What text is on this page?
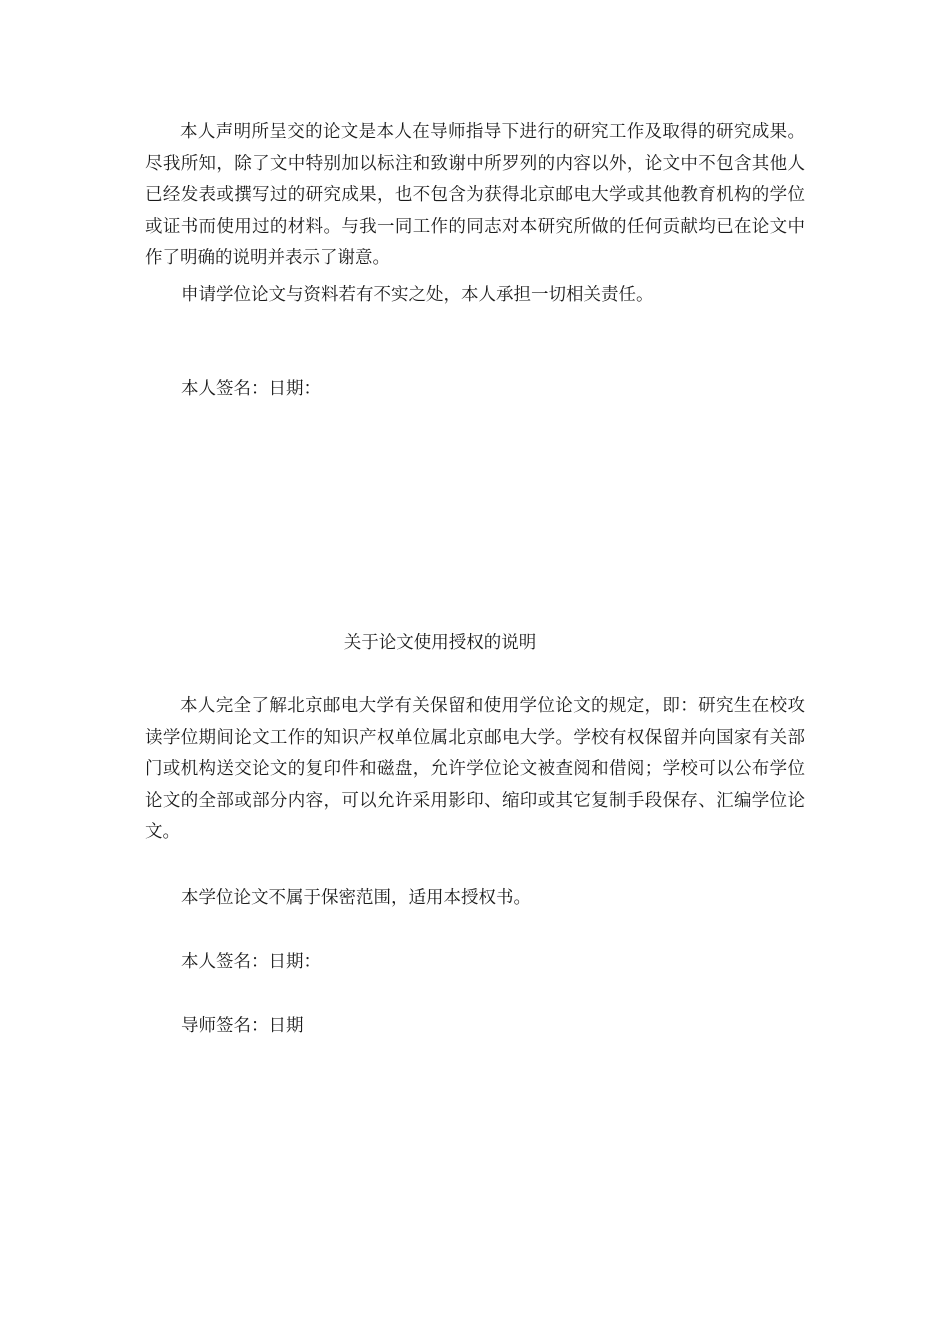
本人声明所呈交的论文是本人在导师指导下进行的研究工作及取得的研究成果。尽我所知，除了文中特别加以标注和致谢中所罗列的内容以外，论文中不包含其他人已经发表或撰写过的研究成果，也不包含为获得北京邮电大学或其他教育机构的学位或证书而使用过的材料。与我一同工作的同志对本研究所做的任何贡献均已在论文中作了明确的说明并表示了谢意。
申请学位论文与资料若有不实之处，本人承担一切相关责任。
本人签名：日期：
关于论文使用授权的说明
本人完全了解北京邮电大学有关保留和使用学位论文的规定，即：研究生在校攻读学位期间论文工作的知识产权单位属北京邮电大学。学校有权保留并向国家有关部门或机构送交论文的复印件和磁盘，允许学位论文被查阅和借阅；学校可以公布学位论文的全部或部分内容，可以允许采用影印、缩印或其它复制手段保存、汇编学位论文。
本学位论文不属于保密范围，适用本授权书。
本人签名：日期：
导师签名：日期
